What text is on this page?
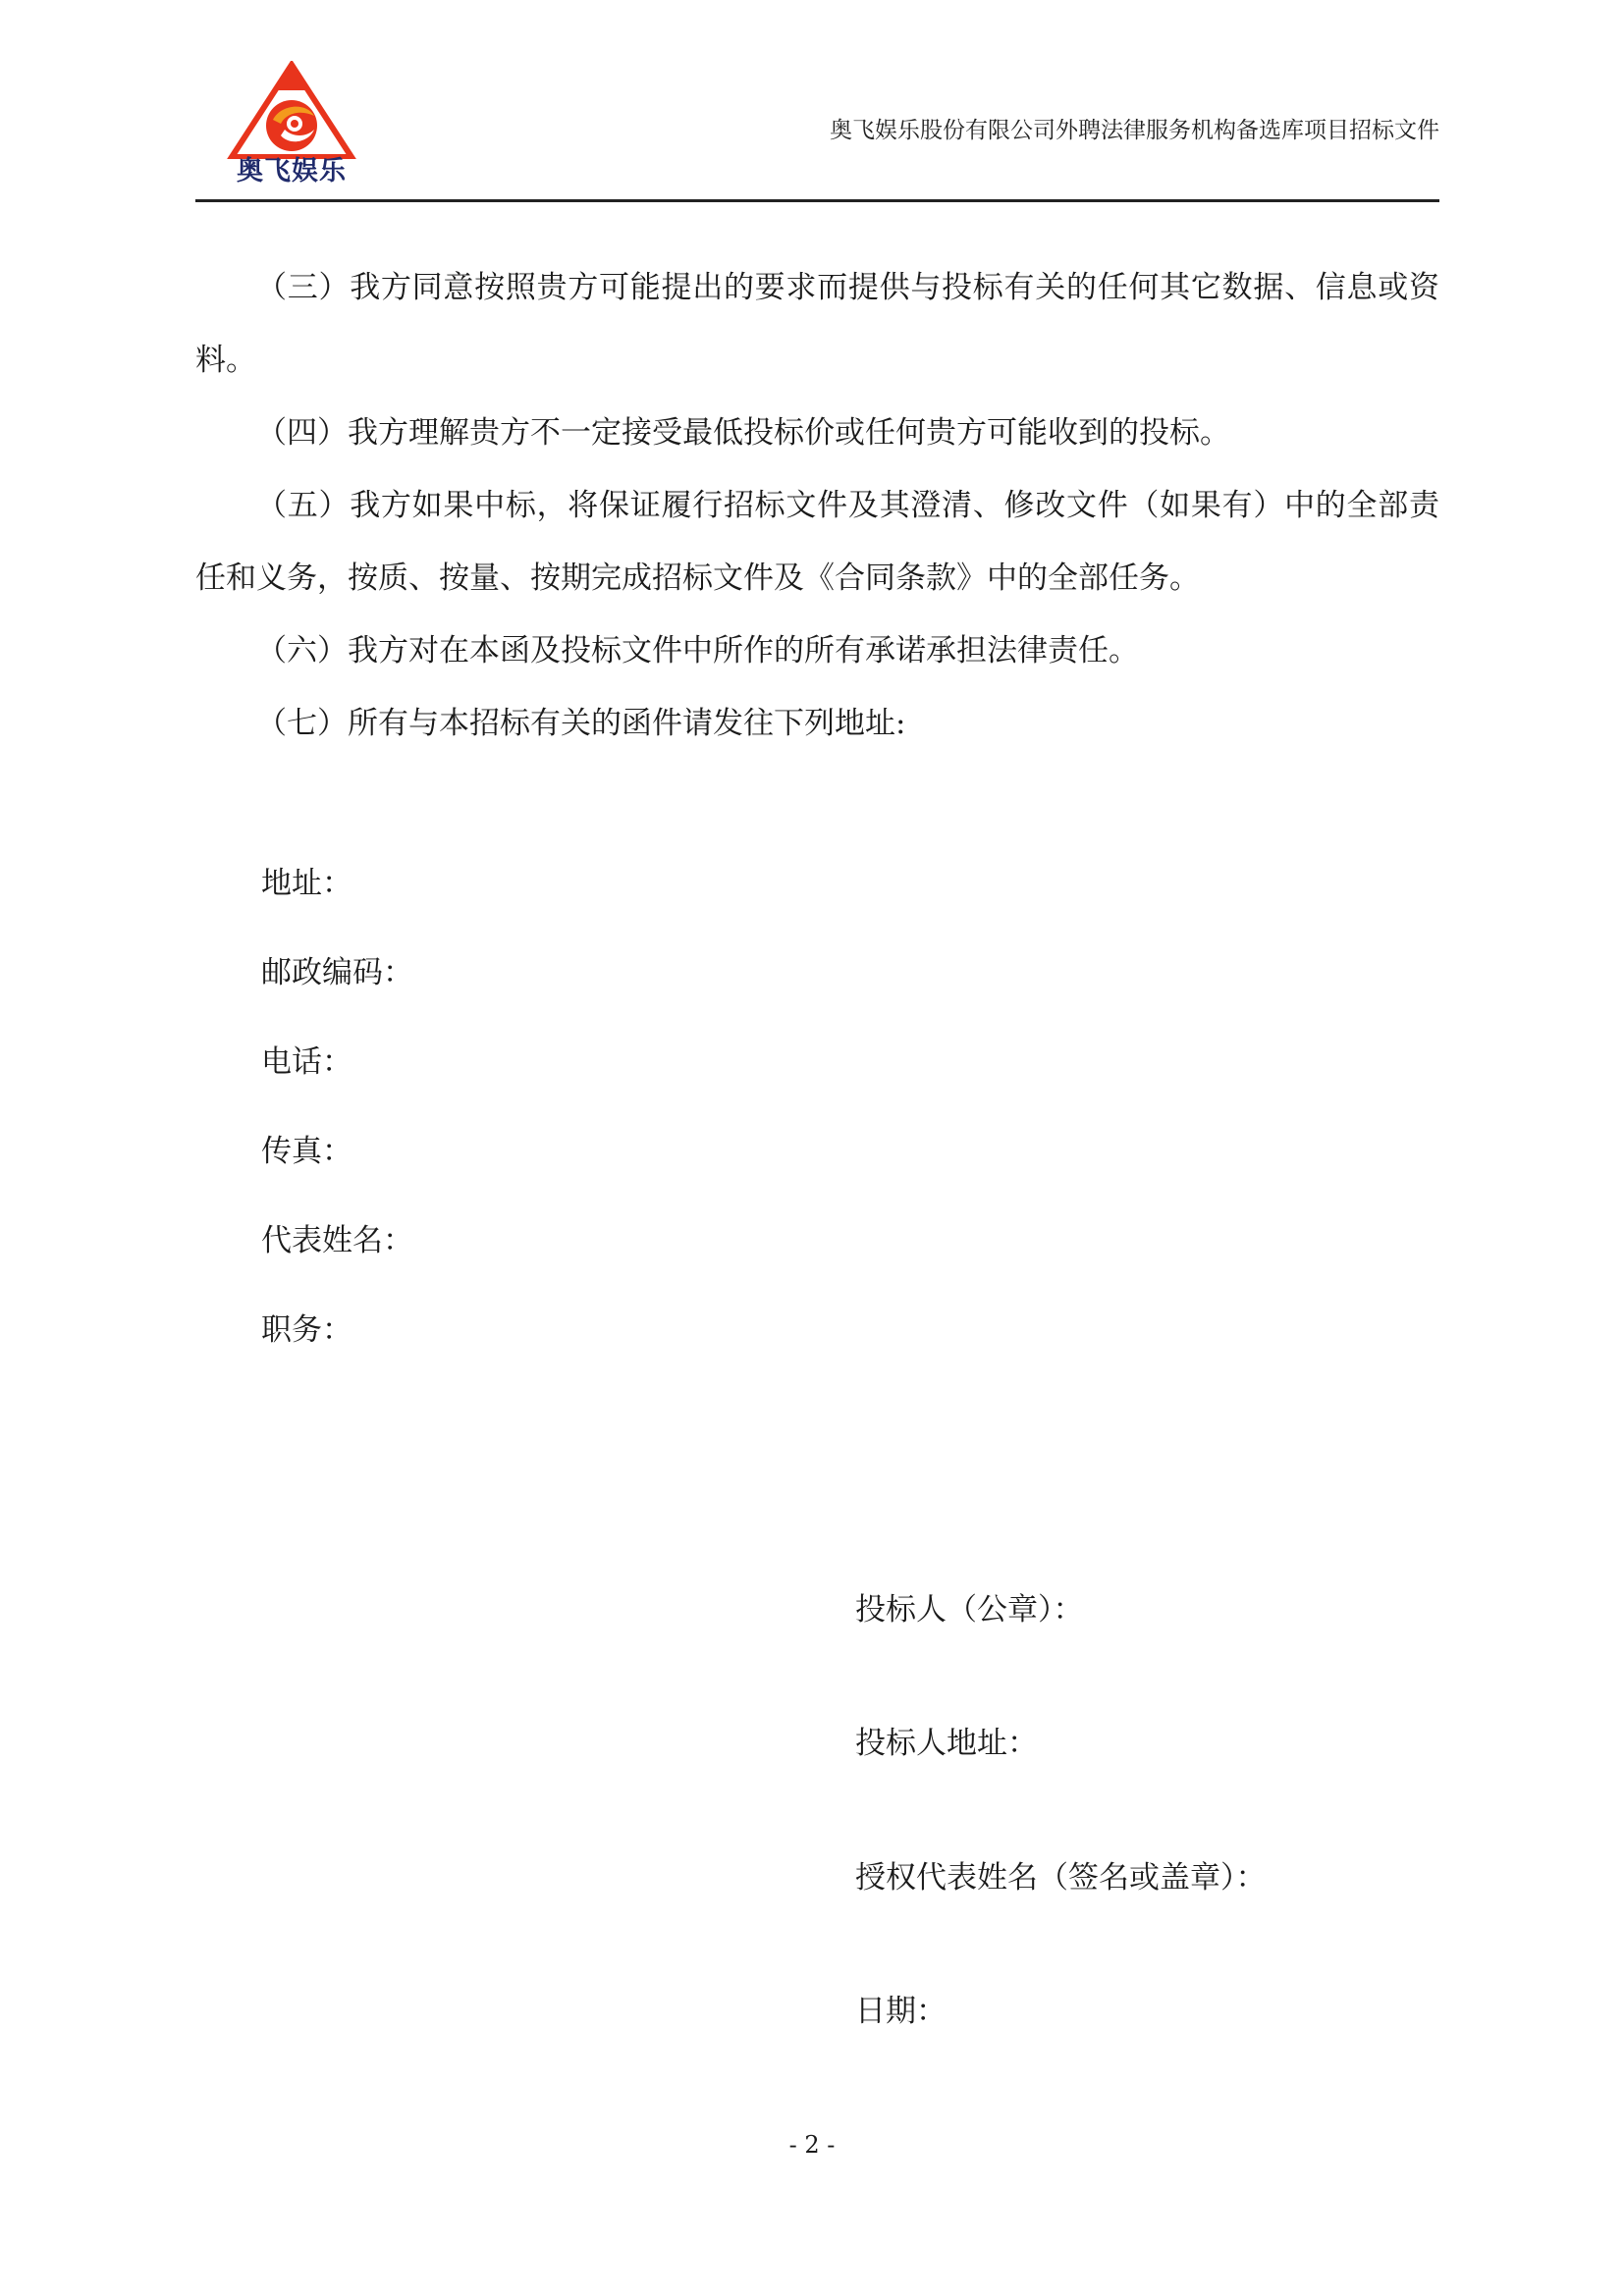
奥飞娱乐
奥飞娱乐股份有限公司外聘法律服务机构备选库项目招标文件

（三）我方同意按照贵方可能提出的要求而提供与投标有关的任何其它数据、信息或资料。

（四）我方理解贵方不一定接受最低投标价或任何贵方可能收到的投标。

（五）我方如果中标，将保证履行招标文件及其澄清、修改文件（如果有）中的全部责任和义务，按质、按量、按期完成招标文件及《合同条款》中的全部任务。

（六）我方对在本函及投标文件中所作的所有承诺承担法律责任。

（七）所有与本招标有关的函件请发往下列地址:

地址：
邮政编码：
电话：
传真：
代表姓名：
职务：
投标人（公章）：
投标人地址：
授权代表姓名（签名或盖章）：
日期：
- 2 -
